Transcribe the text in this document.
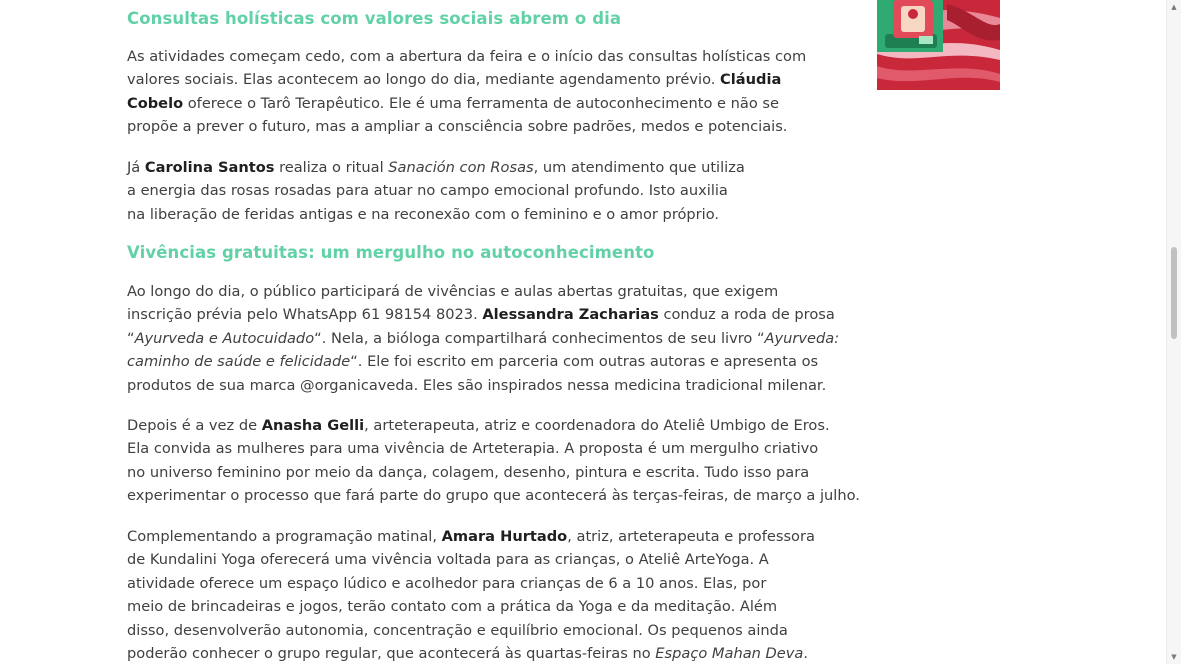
Consultas holísticas com valores sociais abrem o dia

As atividades começam cedo, com a abertura da feira e o início das consultas holísticas com
valores sociais. Elas acontecem ao longo do dia, mediante agendamento prévio. Cláudia
Cobelo oferece o Tarô Terapêutico. Ele é uma ferramenta de autoconhecimento e não se
propõe a prever o futuro, mas a ampliar a consciência sobre padrões, medos e potenciais.

Já Carolina Santos realiza o ritual Sanación con Rosas, um atendimento que utiliza
a energia das rosas rosadas para atuar no campo emocional profundo. Isto auxilia
na liberação de feridas antigas e na reconexão com o feminino e o amor próprio.

Vivências gratuitas: um mergulho no autoconhecimento

Ao longo do dia, o público participará de vivências e aulas abertas gratuitas, que exigem
inscrição prévia pelo WhatsApp 61 98154 8023. Alessandra Zacharias conduz a roda de prosa
“Ayurveda e Autocuidado“. Nela, a bióloga compartilhará conhecimentos de seu livro “Ayurveda:
caminho de saúde e felicidade“. Ele foi escrito em parceria com outras autoras e apresenta os
produtos de sua marca @organicaveda. Eles são inspirados nessa medicina tradicional milenar.

Depois é a vez de Anasha Gelli, arteterapeuta, atriz e coordenadora do Ateliê Umbigo de Eros.
Ela convida as mulheres para uma vivência de Arteterapia. A proposta é um mergulho criativo
no universo feminino por meio da dança, colagem, desenho, pintura e escrita. Tudo isso para
experimentar o processo que fará parte do grupo que acontecerá às terças-feiras, de março a julho.

Complementando a programação matinal, Amara Hurtado, atriz, arteterapeuta e professora
de Kundalini Yoga oferecerá uma vivência voltada para as crianças, o Ateliê ArteYoga. A
atividade oferece um espaço lúdico e acolhedor para crianças de 6 a 10 anos. Elas, por
meio de brincadeiras e jogos, terão contato com a prática da Yoga e da meditação. Além
disso, desenvolverão autonomia, concentração e equilíbrio emocional. Os pequenos ainda
poderão conhecer o grupo regular, que acontecerá às quartas-feiras no Espaço Mahan Deva.

▲
▼
